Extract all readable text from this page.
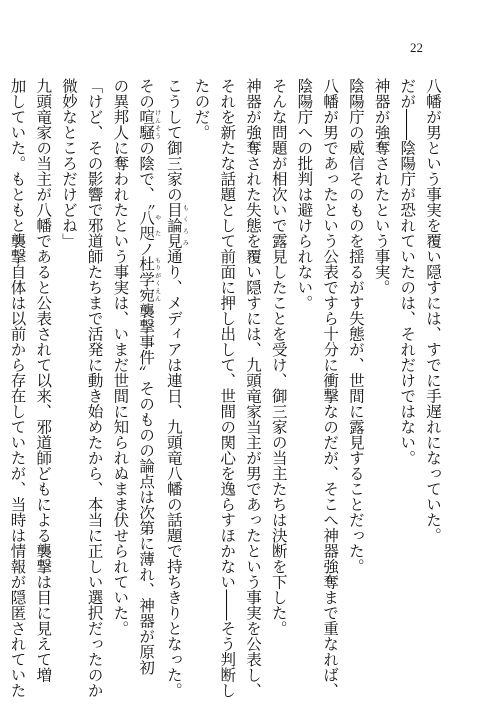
22

八幡が男という事実を覆い隠すには、すでに手遅れになっていた。

だが――陰陽庁が恐れていたのは、それだけではない。

神器が強奪されたという事実。

陰陽庁の威信そのものを揺るがす失態が、世間に露見することだった。

八幡が男であったという公表ですら十分に衝撃なのだが、そこへ神器強奪まで重なれば、

陰陽庁への批判は避けられない。

そんな問題が相次いで露見したことを受け、御三家の当主たちは決断を下した。

神器が強奪された失態を覆い隠すには、九頭竜家当主が男であったという事実を公表し、

それを新たな話題として前面に押し出して、世間の関心を逸らすほかない――そう判断し

たのだ。

こうして御三家の目論見もくろみ通り、メディアは連日、九頭竜八幡の話題で持ちきりとなった。

その喧騒けんそうの陰で、〝八咫やたノ杜学宛もりがくえん襲撃事件〟そのものの論点は次第に薄れ、神器が原初

の異邦人に奪われたという事実は、いまだ世間に知られぬまま伏せられていた。

「けど、その影響で邪道師たちまで活発に動き始めたから、本当に正しい選択だったのか

微妙なところだけどね」

九頭竜家の当主が八幡であると公表されて以来、邪道師どもによる襲撃は目に見えて増

加していた。もともと襲撃自体は以前から存在していたが、当時は情報が隠匿されていた
